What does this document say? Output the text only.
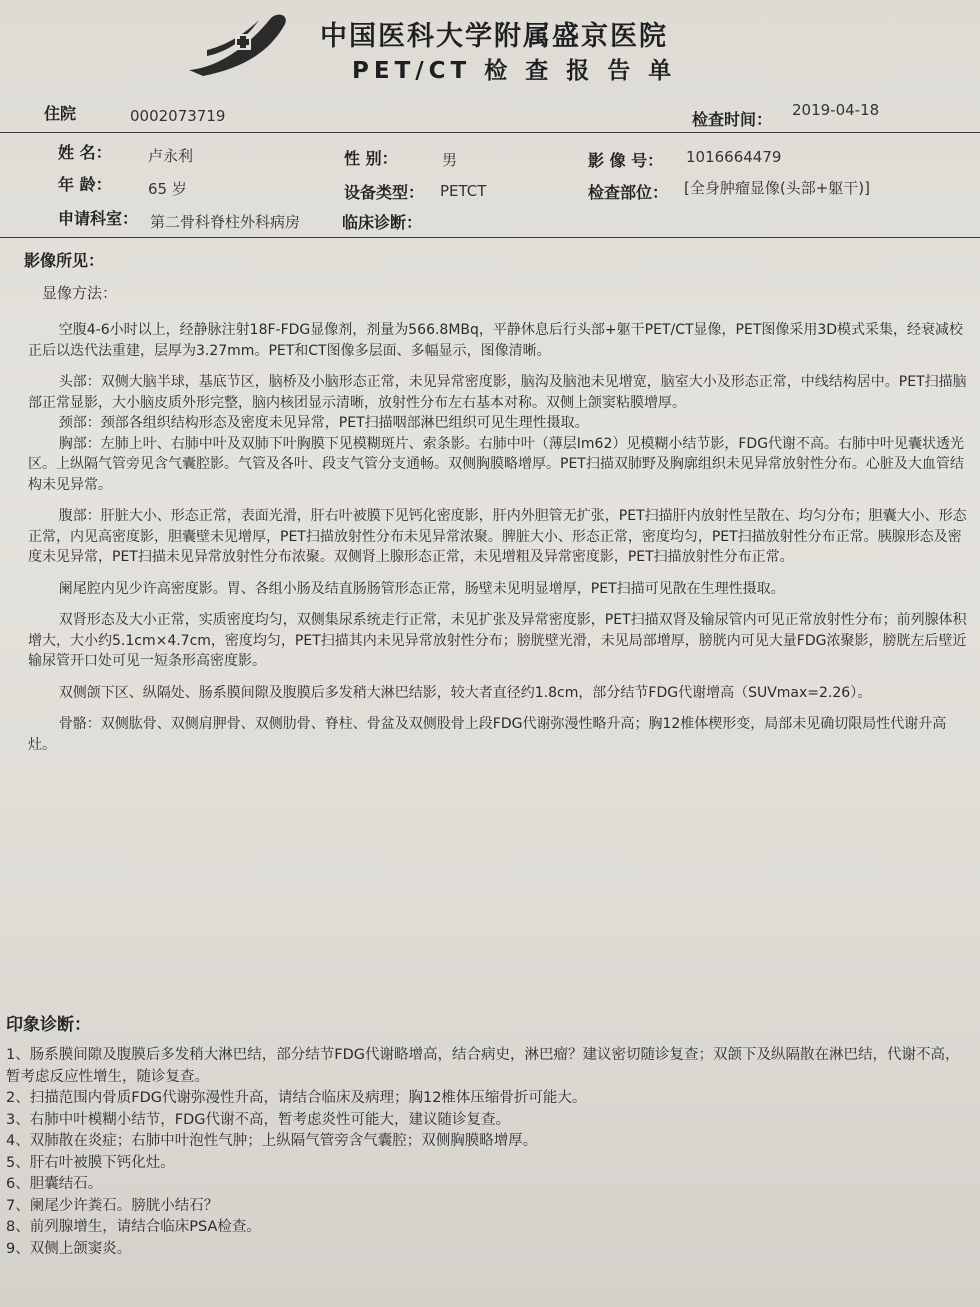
中国医科大学附属盛京医院
PET/CT 检 查 报 告 单
住院	0002073719	检查时间： 2019-04-18
姓 名： 卢永利	性 别：	男	影 像 号： 1016664479
年 龄： 65 岁	设备类型： PETCT	检查部位： [全身肿瘤显像(头部+躯干)]
申请科室： 第二骨科脊柱外科病房	临床诊断：
影像所见：
显像方法：

空腹4-6小时以上，经静脉注射18F-FDG显像剂，剂量为566.8MBq，平静休息后行头部+躯干PET/CT显像，PET图像采用3D模式采集，经衰减校正后以迭代法重建，层厚为3.27mm。PET和CT图像多层面、多幅显示，图像清晰。

头部：双侧大脑半球，基底节区，脑桥及小脑形态正常，未见异常密度影，脑沟及脑池未见增宽，脑室大小及形态正常，中线结构居中。PET扫描脑部正常显影，大小脑皮质外形完整，脑内核团显示清晰，放射性分布左右基本对称。双侧上颌窦粘膜增厚。

颈部：颈部各组织结构形态及密度未见异常，PET扫描咽部淋巴组织可见生理性摄取。

胸部：左肺上叶、右肺中叶及双肺下叶胸膜下见模糊斑片、索条影。右肺中叶（薄层Im62）见模糊小结节影，FDG代谢不高。右肺中叶见囊状透光区。上纵隔气管旁见含气囊腔影。气管及各叶、段支气管分支通畅。双侧胸膜略增厚。PET扫描双肺野及胸廓组织未见异常放射性分布。心脏及大血管结构未见异常。

腹部：肝脏大小、形态正常，表面光滑，肝右叶被膜下见钙化密度影，肝内外胆管无扩张，PET扫描肝内放射性呈散在、均匀分布；胆囊大小、形态正常，内见高密度影，胆囊壁未见增厚，PET扫描放射性分布未见异常浓聚。脾脏大小、形态正常，密度均匀，PET扫描放射性分布正常。胰腺形态及密度未见异常，PET扫描未见异常放射性分布浓聚。双侧肾上腺形态正常，未见增粗及异常密度影，PET扫描放射性分布正常。

阑尾腔内见少许高密度影。胃、各组小肠及结直肠肠管形态正常，肠壁未见明显增厚，PET扫描可见散在生理性摄取。

双肾形态及大小正常，实质密度均匀，双侧集尿系统走行正常，未见扩张及异常密度影，PET扫描双肾及输尿管内可见正常放射性分布；前列腺体积增大，大小约5.1cm×4.7cm，密度均匀，PET扫描其内未见异常放射性分布；膀胱壁光滑，未见局部增厚，膀胱内可见大量FDG浓聚影，膀胱左后壁近输尿管开口处可见一短条形高密度影。

双侧颌下区、纵隔处、肠系膜间隙及腹膜后多发稍大淋巴结影，较大者直径约1.8cm，部分结节FDG代谢增高（SUVmax=2.26）。

骨骼：双侧肱骨、双侧肩胛骨、双侧肋骨、脊柱、骨盆及双侧股骨上段FDG代谢弥漫性略升高；胸12椎体楔形变，局部未见确切限局性代谢升高灶。

印象诊断：
1、肠系膜间隙及腹膜后多发稍大淋巴结，部分结节FDG代谢略增高，结合病史，淋巴瘤？建议密切随诊复查；双颌下及纵隔散在淋巴结，代谢不高，暂考虑反应性增生，随诊复查。
2、扫描范围内骨质FDG代谢弥漫性升高，请结合临床及病理；胸12椎体压缩骨折可能大。
3、右肺中叶模糊小结节，FDG代谢不高，暂考虑炎性可能大，建议随诊复查。
4、双肺散在炎症；右肺中叶泡性气肿；上纵隔气管旁含气囊腔；双侧胸膜略增厚。
5、肝右叶被膜下钙化灶。
6、胆囊结石。
7、阑尾少许粪石。膀胱小结石？
8、前列腺增生，请结合临床PSA检查。
9、双侧上颌窦炎。
